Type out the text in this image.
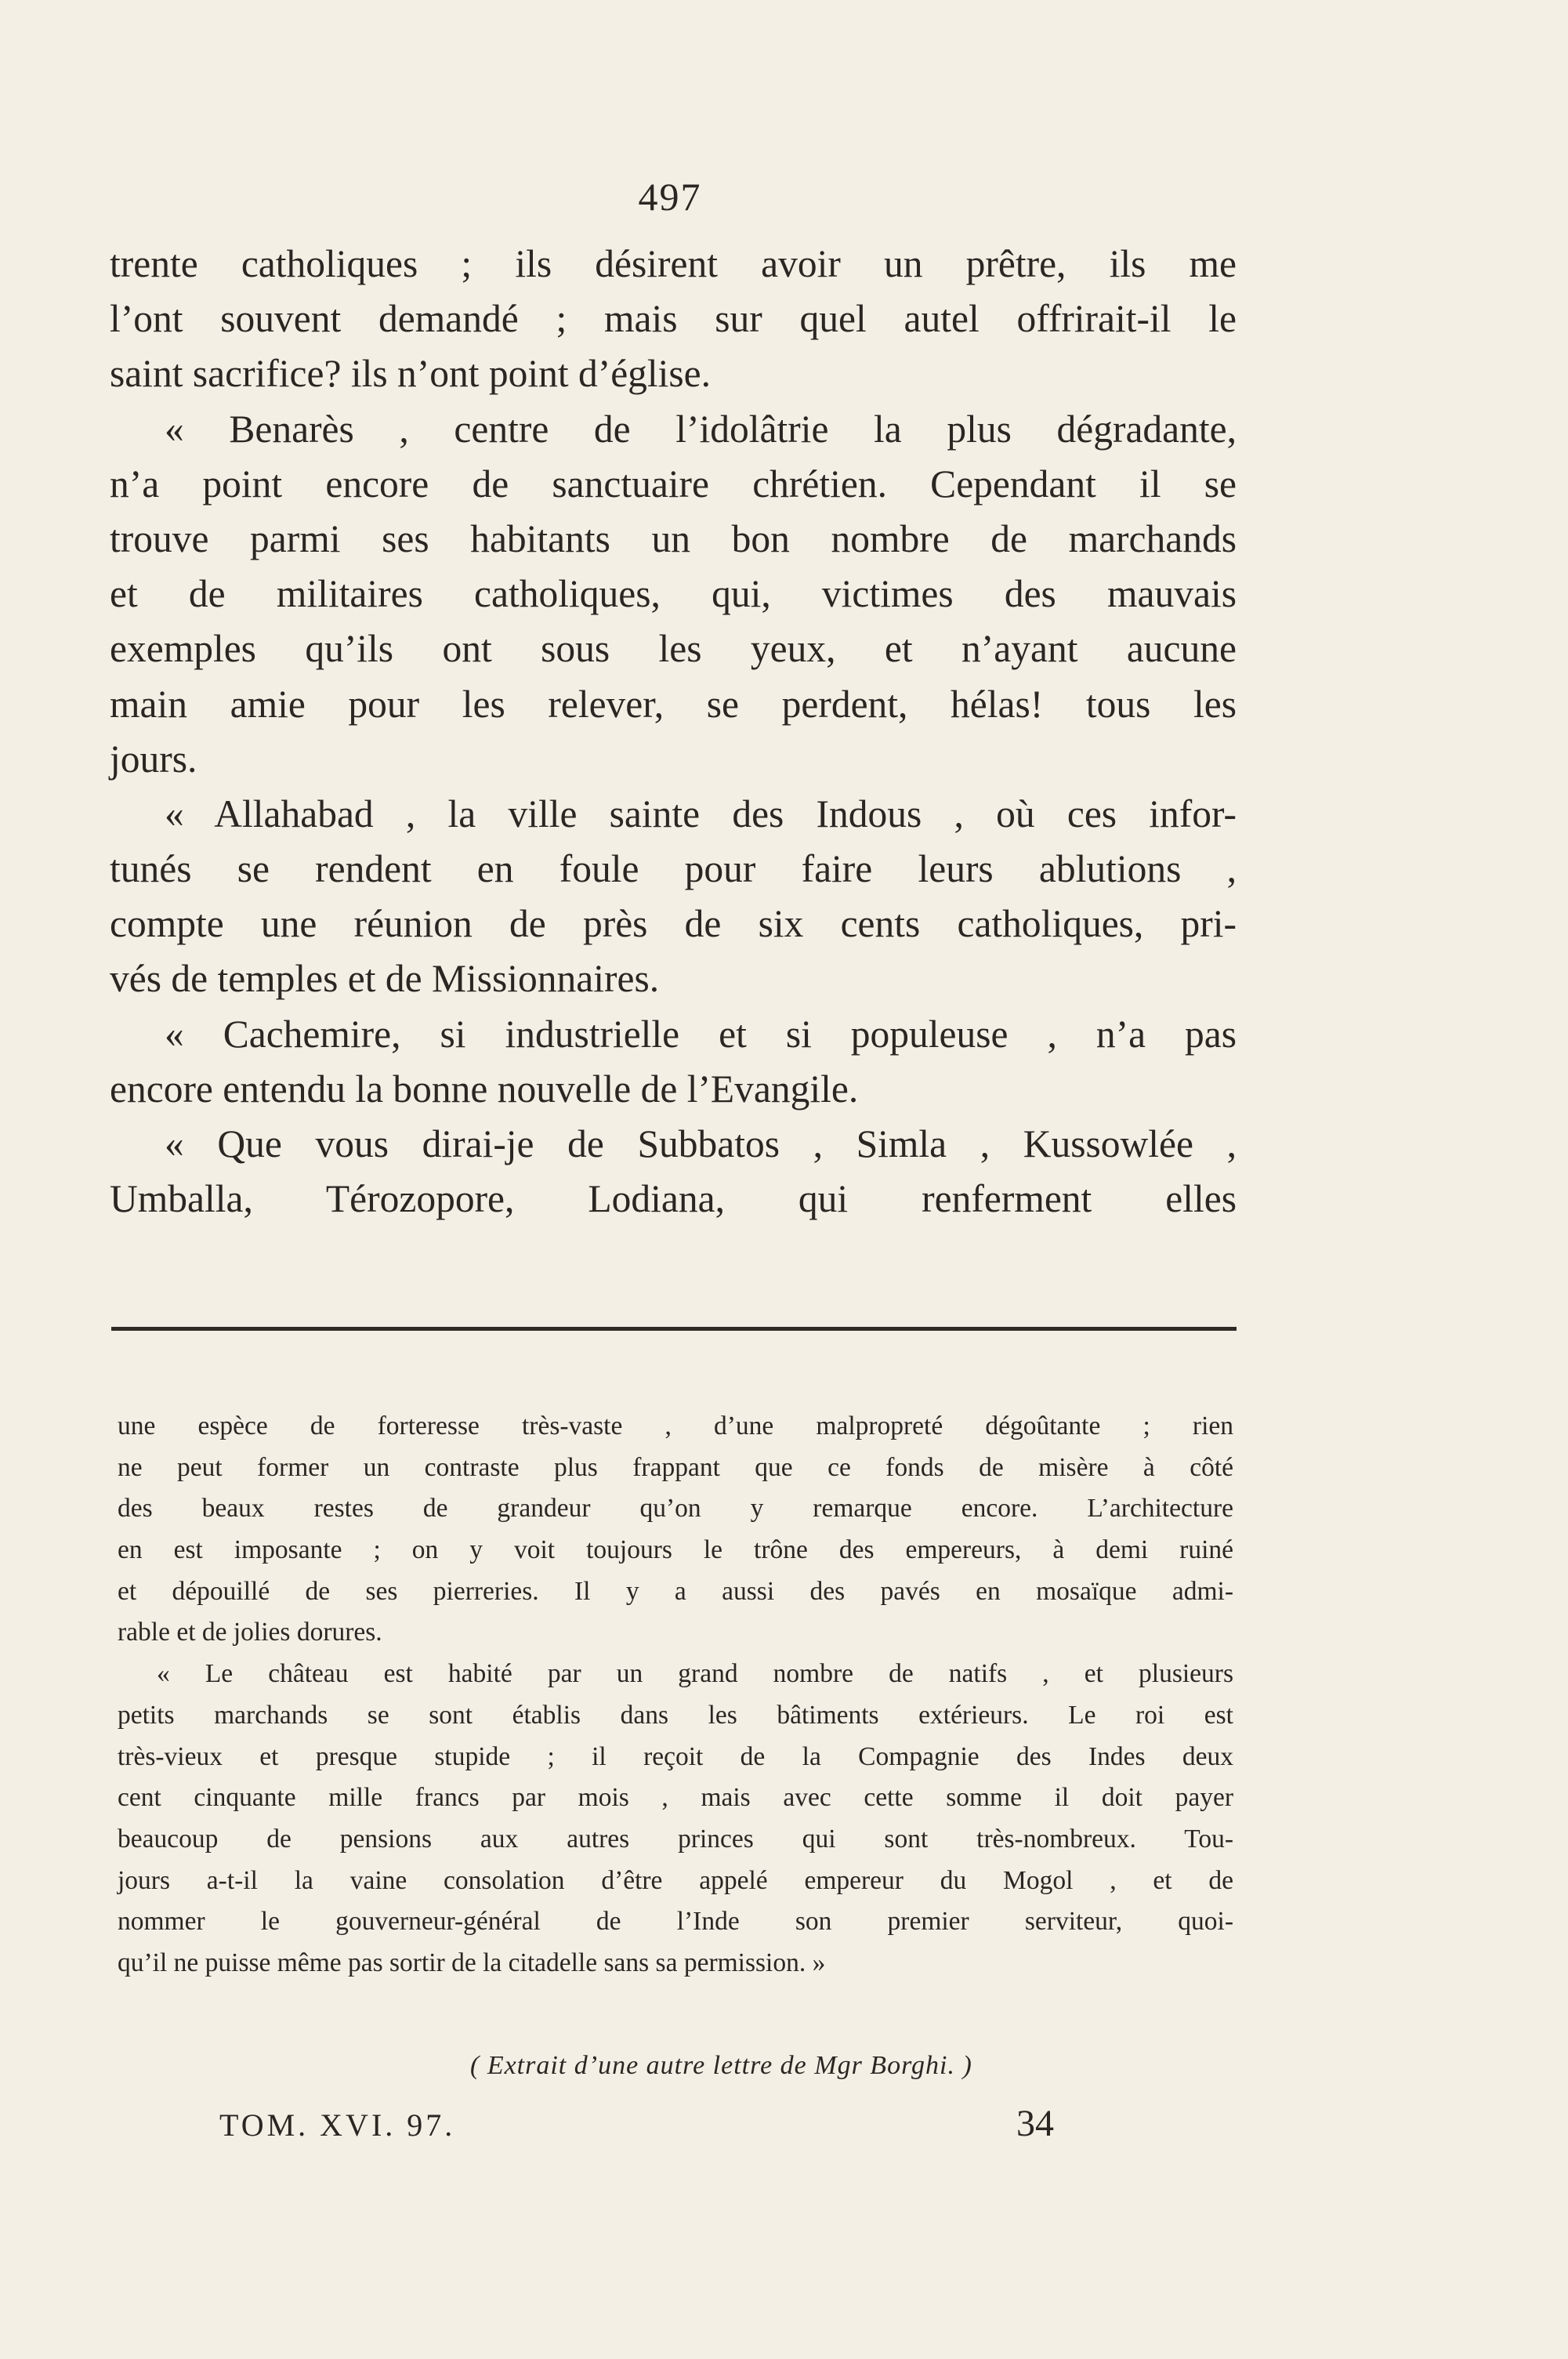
497
trente catholiques ; ils désirent avoir un prêtre, ils me
l’ont souvent demandé ; mais sur quel autel offrirait-il le
saint sacrifice? ils n’ont point d’église.
« Benarès , centre de l’idolâtrie la plus dégradante,
n’a point encore de sanctuaire chrétien. Cependant il se
trouve parmi ses habitants un bon nombre de marchands
et de militaires catholiques, qui, victimes des mauvais
exemples qu’ils ont sous les yeux, et n’ayant aucune
main amie pour les relever, se perdent, hélas! tous les
jours.
« Allahabad , la ville sainte des Indous , où ces infor-
tunés se rendent en foule pour faire leurs ablutions ,
compte une réunion de près de six cents catholiques, pri-
vés de temples et de Missionnaires.
« Cachemire, si industrielle et si populeuse , n’a pas
encore entendu la bonne nouvelle de l’Evangile.
« Que vous dirai-je de Subbatos , Simla , Kussowlée ,
Umballa, Térozopore, Lodiana, qui renferment elles
une espèce de forteresse très-vaste , d’une malpropreté dégoûtante ; rien
ne peut former un contraste plus frappant que ce fonds de misère à côté
des beaux restes de grandeur qu’on y remarque encore. L’architecture
en est imposante ; on y voit toujours le trône des empereurs, à demi ruiné
et dépouillé de ses pierreries. Il y a aussi des pavés en mosaïque admi-
rable et de jolies dorures.
« Le château est habité par un grand nombre de natifs , et plusieurs
petits marchands se sont établis dans les bâtiments extérieurs. Le roi est
très-vieux et presque stupide ; il reçoit de la Compagnie des Indes deux
cent cinquante mille francs par mois , mais avec cette somme il doit payer
beaucoup de pensions aux autres princes qui sont très-nombreux. Tou-
jours a-t-il la vaine consolation d’être appelé empereur du Mogol , et de
nommer le gouverneur-général de l’Inde son premier serviteur, quoi-
qu’il ne puisse même pas sortir de la citadelle sans sa permission. »
( Extrait d’une autre lettre de Mgr Borghi. )
TOM. XVI. 97.	34
